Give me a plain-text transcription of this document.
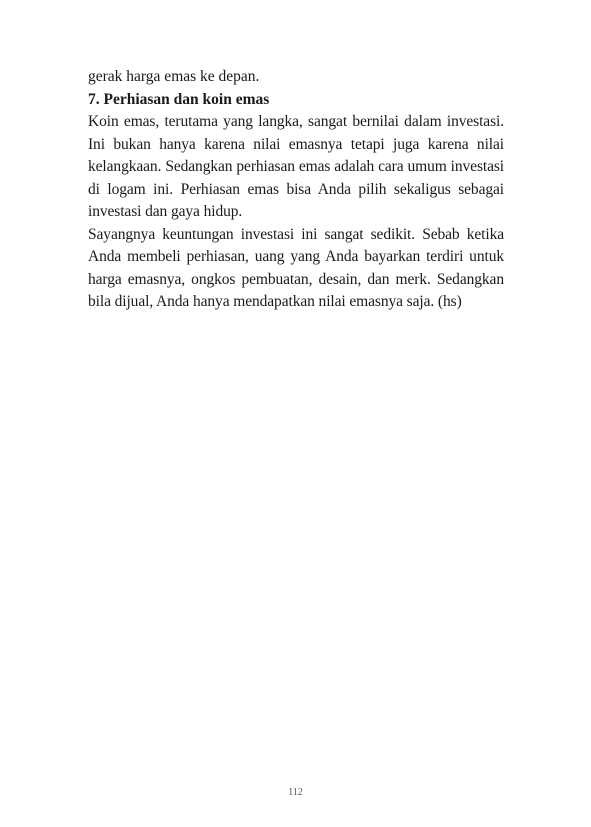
gerak harga emas ke depan.

7. Perhiasan dan koin emas

Koin emas, terutama yang langka, sangat bernilai dalam investasi. Ini bukan hanya karena nilai emasnya tetapi juga karena nilai kelangkaan. Sedangkan perhiasan emas adalah cara umum investasi di logam ini. Perhiasan emas bisa Anda pilih sekaligus sebagai investasi dan gaya hidup.

Sayangnya keuntungan investasi ini sangat sedikit. Sebab ketika Anda membeli perhiasan, uang yang Anda bayarkan terdiri untuk harga emasnya, ongkos pembuatan, desain, dan merk. Sedangkan bila dijual, Anda hanya mendapatkan nilai emasnya saja. (hs)

112
